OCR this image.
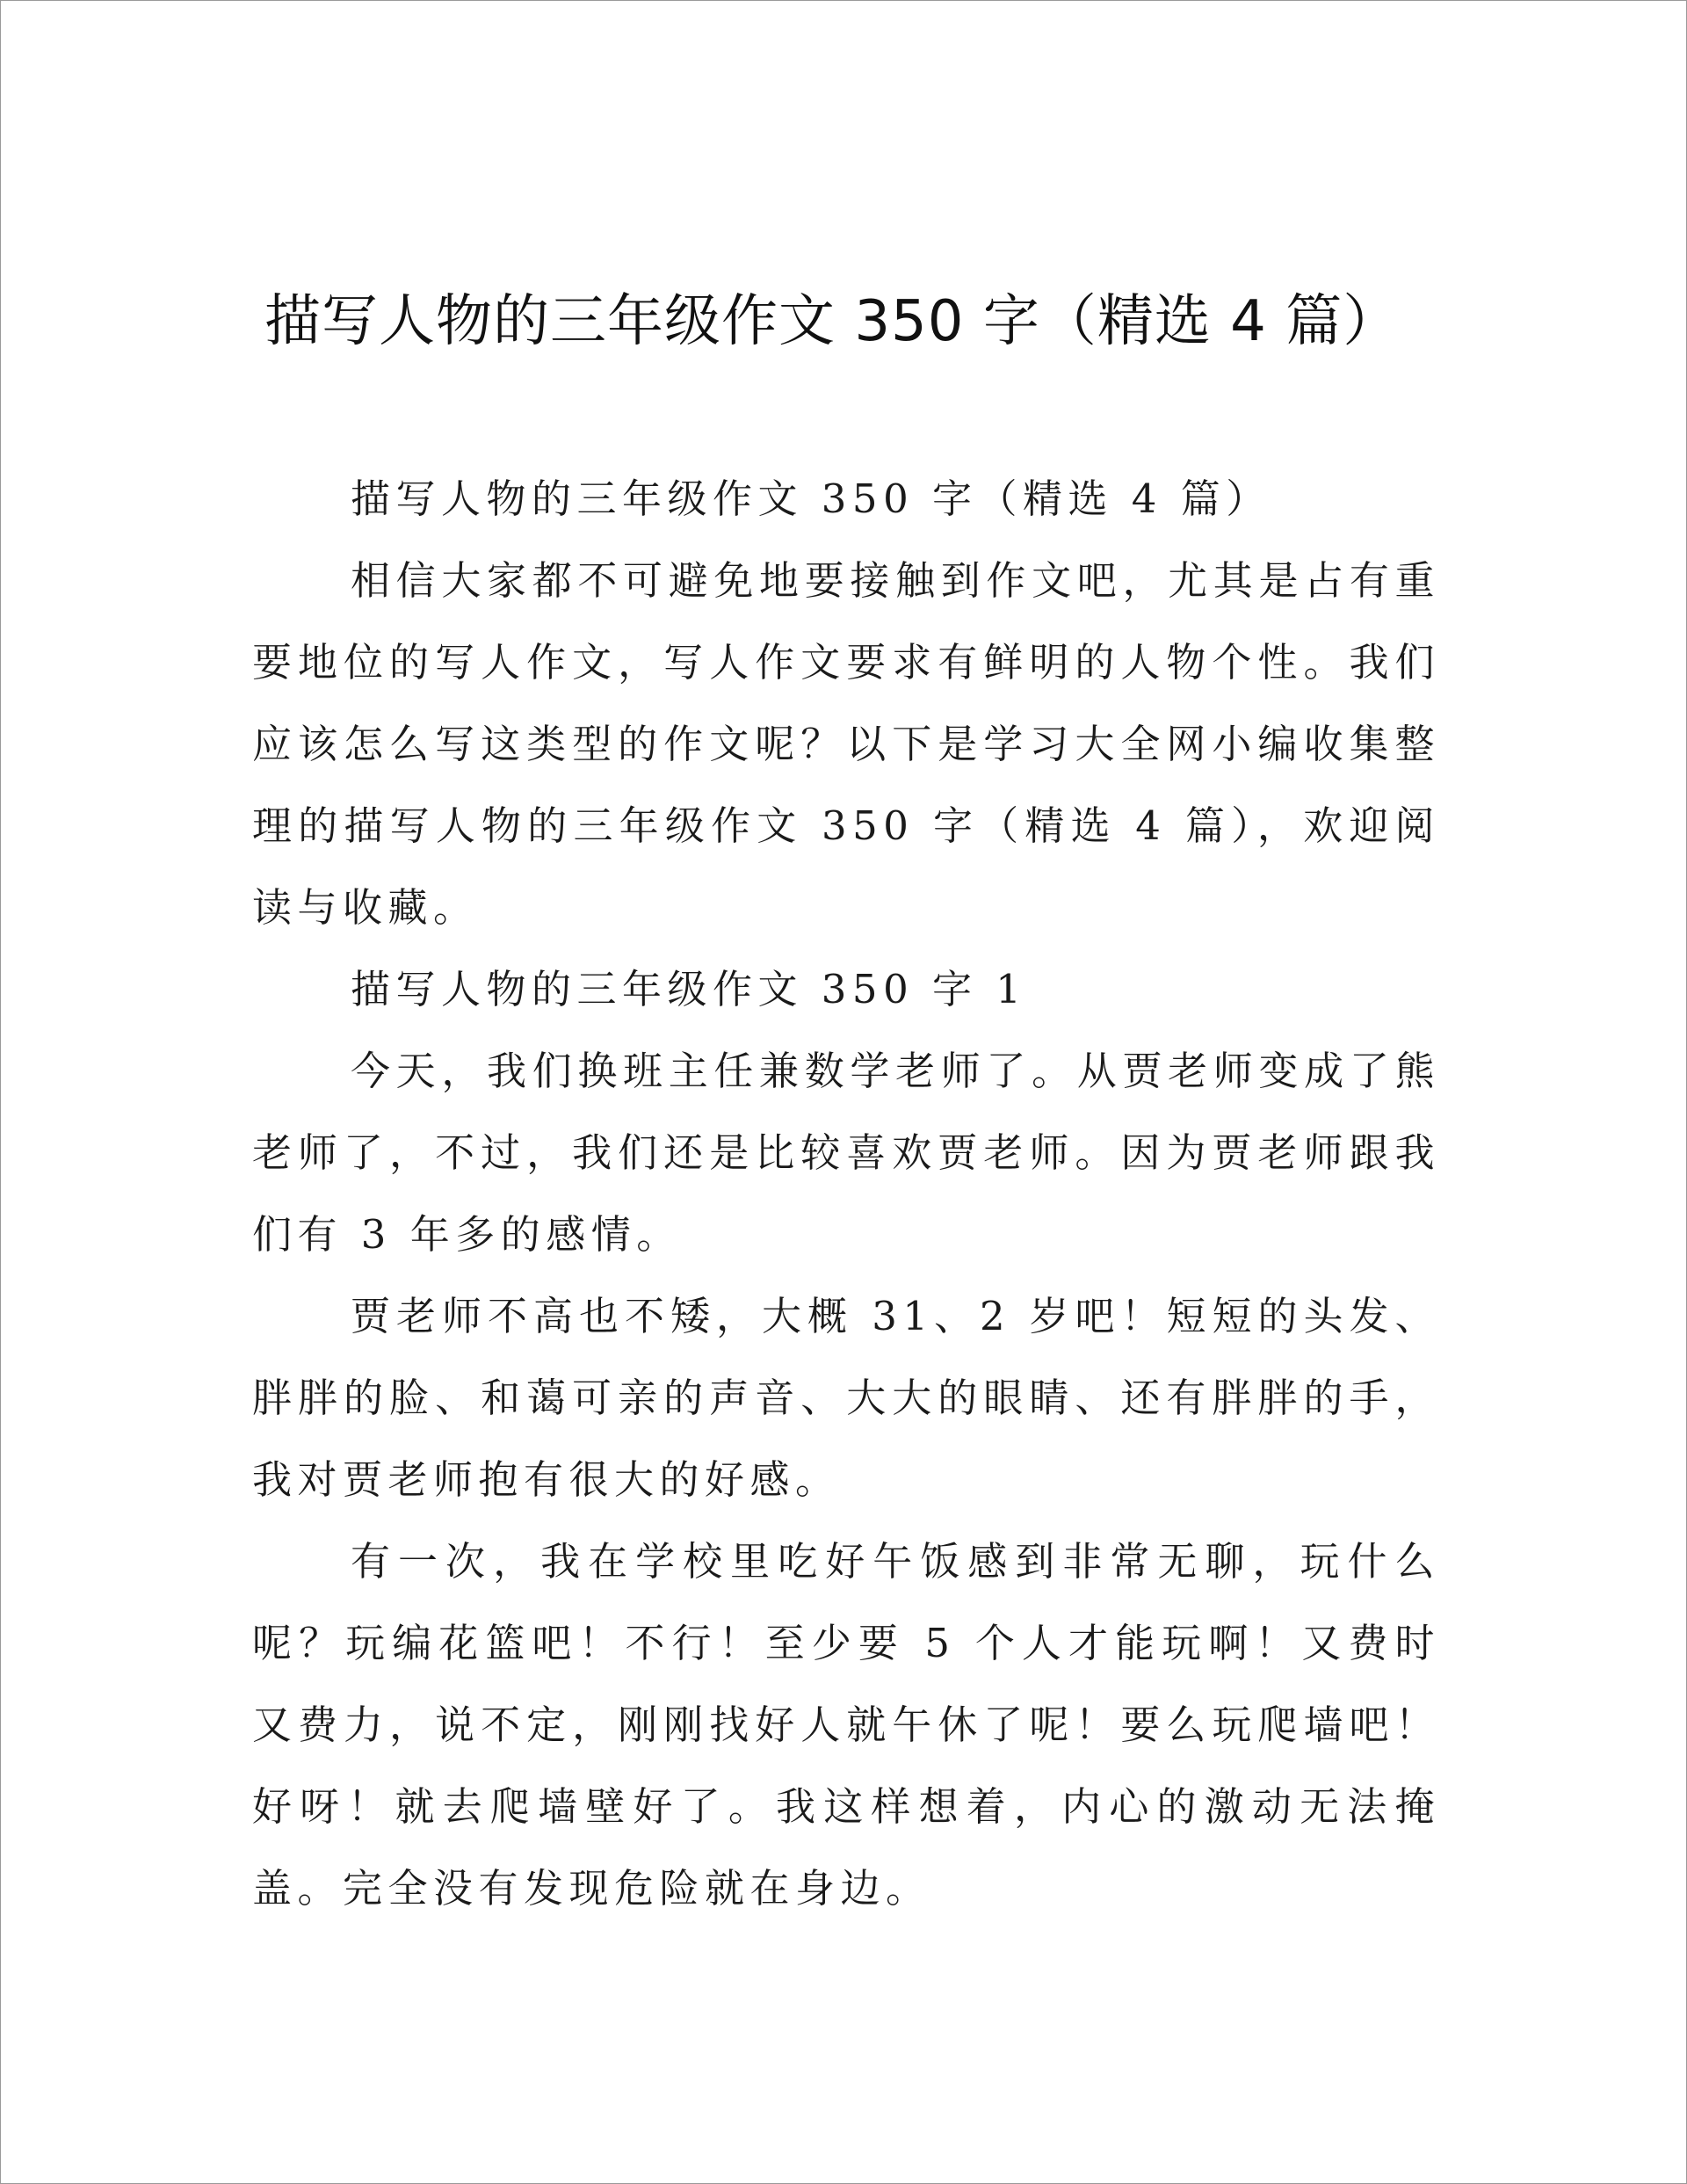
描写人物的三年级作文 350 字（精选 4 篇）

描写人物的三年级作文 350 字（精选 4 篇）

相信大家都不可避免地要接触到作文吧，尤其是占有重要地位的写人作文，写人作文要求有鲜明的人物个性。我们应该怎么写这类型的作文呢？以下是学习大全网小编收集整理的描写人物的三年级作文 350 字（精选 4 篇），欢迎阅读与收藏。

描写人物的三年级作文 350 字 1

今天，我们换班主任兼数学老师了。从贾老师变成了熊老师了，不过，我们还是比较喜欢贾老师。因为贾老师跟我们有 3 年多的感情。

贾老师不高也不矮，大概 31、2 岁吧！短短的头发、胖胖的脸、和蔼可亲的声音、大大的眼睛、还有胖胖的手，我对贾老师抱有很大的好感。

有一次，我在学校里吃好午饭感到非常无聊，玩什么呢？玩编花篮吧！不行！至少要 5 个人才能玩啊！又费时又费力，说不定，刚刚找好人就午休了呢！要么玩爬墙吧！好呀！就去爬墙壁好了。我这样想着，内心的激动无法掩盖。完全没有发现危险就在身边。
